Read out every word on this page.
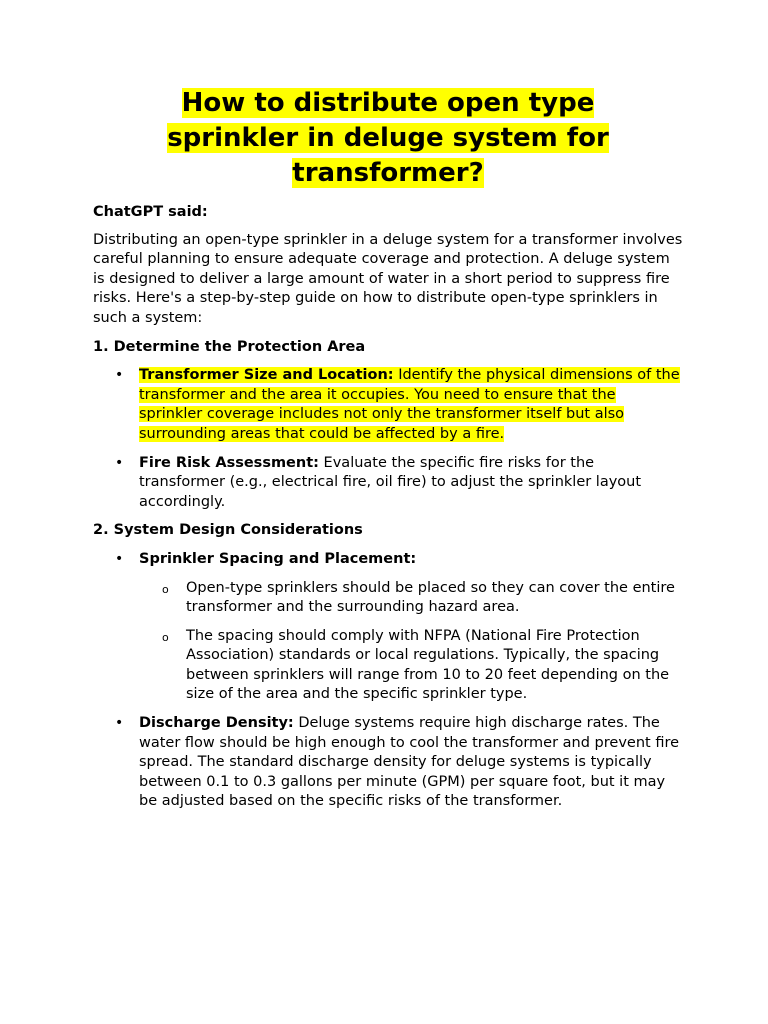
How to distribute open type
sprinkler in deluge system for
transformer?

ChatGPT said:

Distributing an open-type sprinkler in a deluge system for a transformer involves careful planning to ensure adequate coverage and protection. A deluge system is designed to deliver a large amount of water in a short period to suppress fire risks. Here's a step-by-step guide on how to distribute open-type sprinklers in such a system:

1. Determine the Protection Area

• Transformer Size and Location: Identify the physical dimensions of the transformer and the area it occupies. You need to ensure that the sprinkler coverage includes not only the transformer itself but also surrounding areas that could be affected by a fire.
• Fire Risk Assessment: Evaluate the specific fire risks for the transformer (e.g., electrical fire, oil fire) to adjust the sprinkler layout accordingly.

2. System Design Considerations

• Sprinkler Spacing and Placement:
o Open-type sprinklers should be placed so they can cover the entire transformer and the surrounding hazard area.
o The spacing should comply with NFPA (National Fire Protection Association) standards or local regulations. Typically, the spacing between sprinklers will range from 10 to 20 feet depending on the size of the area and the specific sprinkler type.
• Discharge Density: Deluge systems require high discharge rates. The water flow should be high enough to cool the transformer and prevent fire spread. The standard discharge density for deluge systems is typically between 0.1 to 0.3 gallons per minute (GPM) per square foot, but it may be adjusted based on the specific risks of the transformer.
